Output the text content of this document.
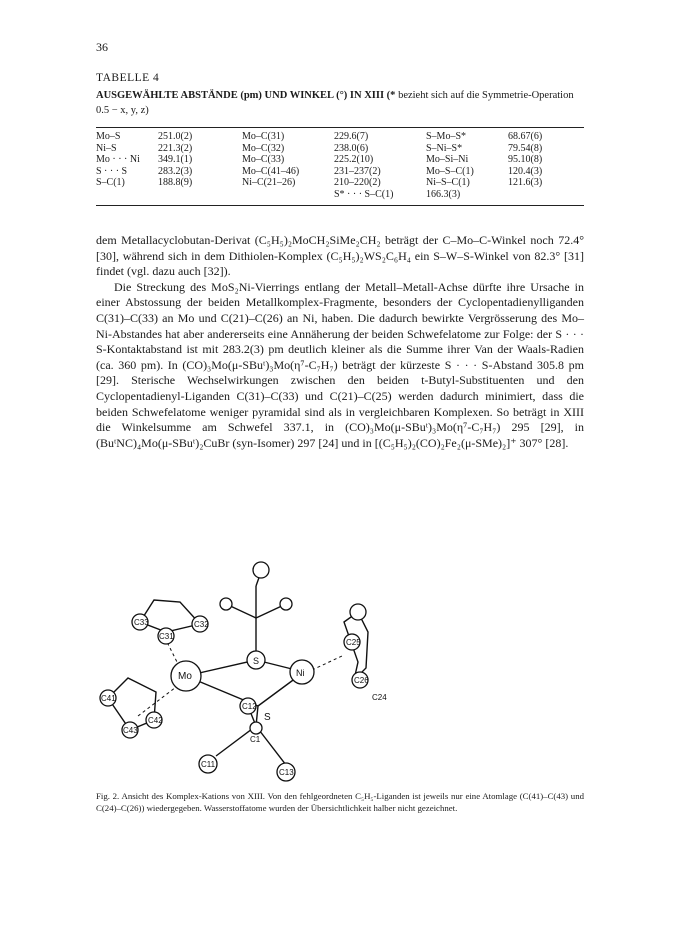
36
TABELLE 4
AUSGEWÄHLTE ABSTÄNDE (pm) UND WINKEL (°) IN XIII (* bezieht sich auf die Symmetrie-Operation 0.5 − x, y, z)
Mo–S	251.0(2)	Mo–C(31)	229.6(7)	S–Mo–S*	68.67(6)
Ni–S	221.3(2)	Mo–C(32)	238.0(6)	S–Ni–S*	79.54(8)
Mo · · · Ni	349.1(1)	Mo–C(33)	225.2(10)	Mo–Si–Ni	95.10(8)
S · · · S	283.2(3)	Mo–C(41–46)	231–237(2)	Mo–S–C(1)	120.4(3)
S–C(1)	188.8(9)	Ni–C(21–26)	210–220(2)	Ni–S–C(1)	121.6(3)
			S* · · · S–C(1)	166.3(3)	

dem Metallacyclobutan-Derivat (C₅H₅)₂MoCH₂SiMe₂CH₂ beträgt der C–Mo–C-Winkel noch 72.4° [30], während sich in dem Dithiolen-Komplex (C₅H₅)₂WS₂C₆H₄ ein S–W–S-Winkel von 82.3° [31] findet (vgl. dazu auch [32]).

Die Streckung des MoS₂Ni-Vierrings entlang der Metall–Metall-Achse dürfte ihre Ursache in einer Abstossung der beiden Metallkomplex-Fragmente, besonders der Cyclopentadienylliganden C(31)–C(33) an Mo und C(21)–C(26) an Ni, haben. Die dadurch bewirkte Vergrösserung des Mo–Ni-Abstandes hat aber andererseits eine Annäherung der beiden Schwefelatome zur Folge: der S · · · S-Kontaktabstand ist mit 283.2(3) pm deutlich kleiner als die Summe ihrer Van der Waals-Radien (ca. 360 pm). In (CO)₃Mo(μ-SBuᵗ)₃Mo(η⁷-C₇H₇) beträgt der kürzeste S · · · S-Abstand 305.8 pm [29]. Sterische Wechselwirkungen zwischen den beiden t-Butyl-Substituenten und den Cyclopentadienyl-Liganden C(31)–C(33) und C(21)–C(25) werden dadurch minimiert, dass die beiden Schwefelatome weniger pyramidal sind als in vergleichbaren Komplexen. So beträgt in XIII die Winkelsumme am Schwefel 337.1, in (CO)₃Mo(μ-SBuᵗ)₃Mo(η⁷-C₇H₇) 295 [29], in (BuᵗNC)₄Mo(μ-SBuᵗ)₂CuBr (syn-Isomer) 297 [24] und in [(C₅H₅)₂(CO)₂Fe₂(μ-SMe)₂]⁺ 307° [28].

C33	C32
C31
C41
C43
C42
Mo
S
Ni
C25
C26
C24
C12
S
C1
C11
C13
Fig. 2. Ansicht des Komplex-Kations von XIII. Von den fehlgeordneten C₅H₅-Liganden ist jeweils nur eine Atomlage (C(41)–C(43) und C(24)–C(26)) wiedergegeben. Wasserstoffatome wurden der Übersichtlichkeit halber nicht gezeichnet.
